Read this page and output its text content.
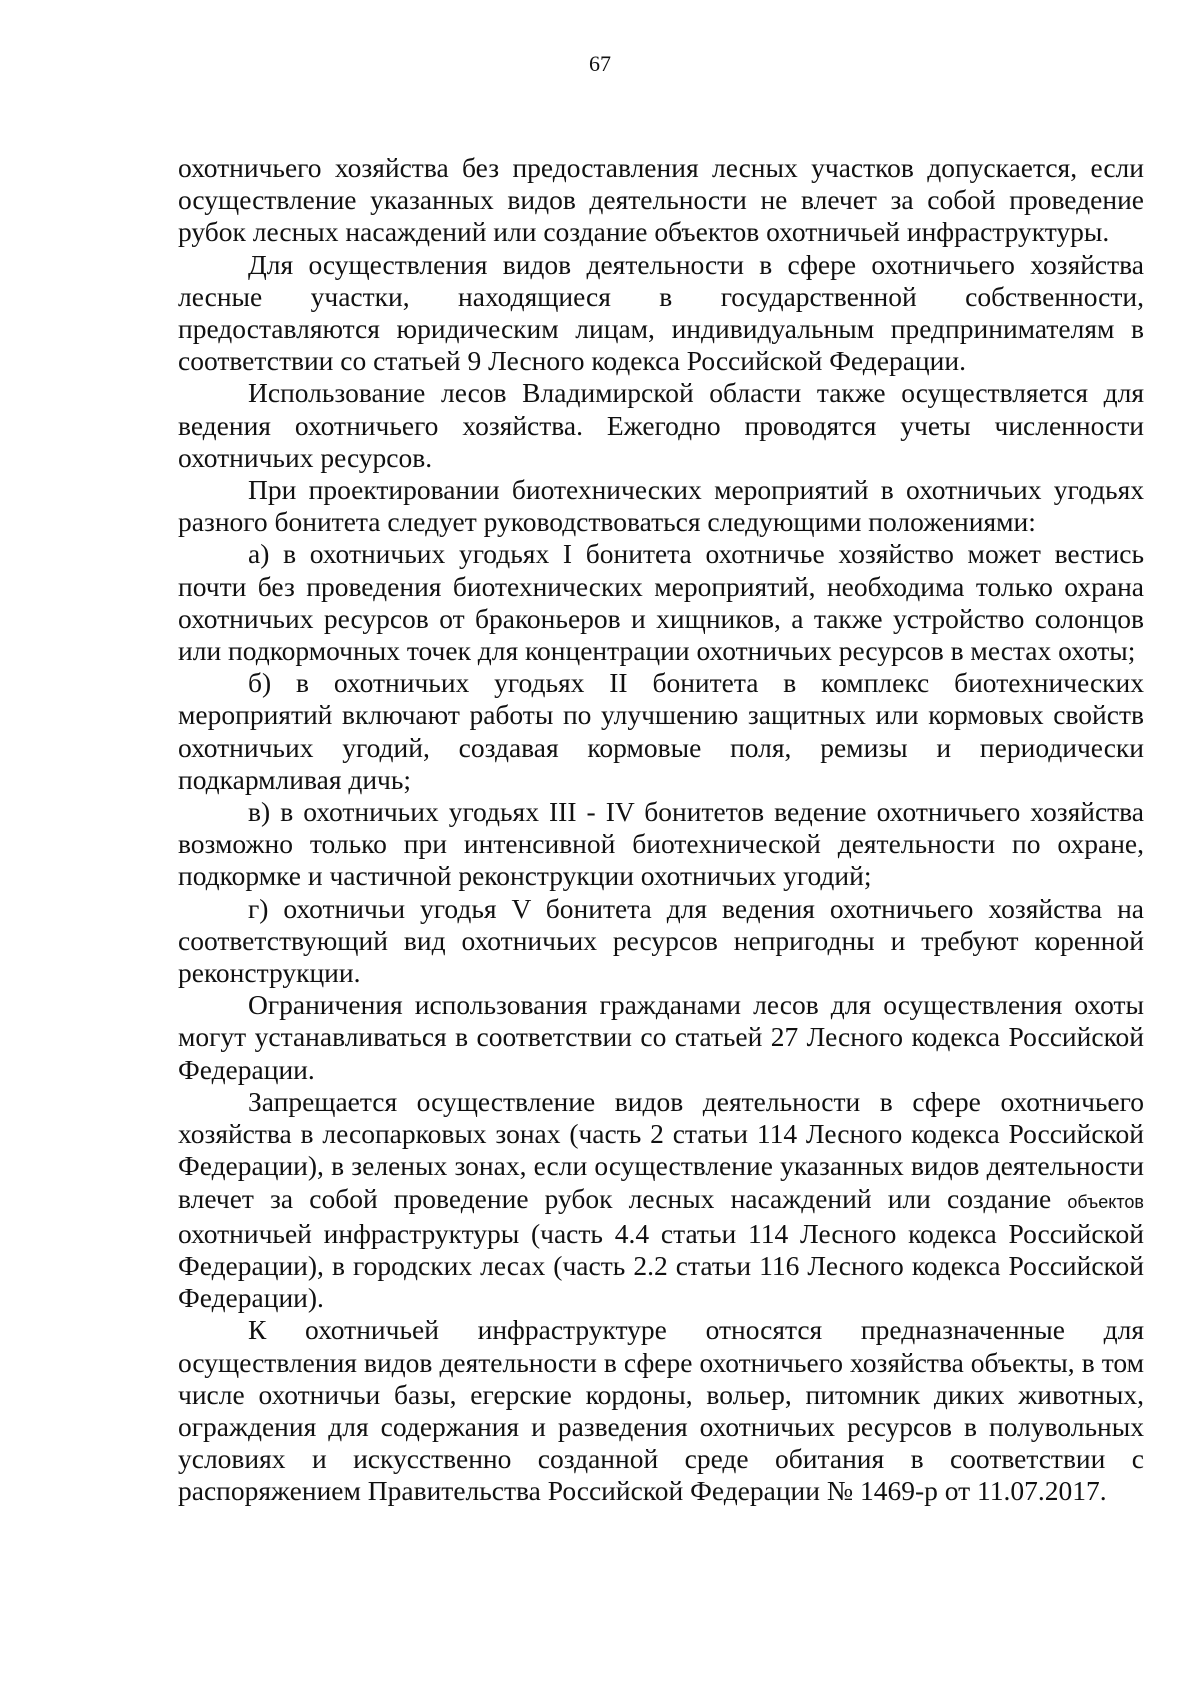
67

охотничьего хозяйства без предоставления лесных участков допускается, если осуществление указанных видов деятельности не влечет за собой проведение рубок лесных насаждений или создание объектов охотничьей инфраструктуры.

Для осуществления видов деятельности в сфере охотничьего хозяйства лесные участки, находящиеся в государственной собственности, предоставляются юридическим лицам, индивидуальным предпринимателям в соответствии со статьей 9 Лесного кодекса Российской Федерации.

Использование лесов Владимирской области также осуществляется для ведения охотничьего хозяйства. Ежегодно проводятся учеты численности охотничьих ресурсов.

При проектировании биотехнических мероприятий в охотничьих угодьях разного бонитета следует руководствоваться следующими положениями:

а) в охотничьих угодьях I бонитета охотничье хозяйство может вестись почти без проведения биотехнических мероприятий, необходима только охрана охотничьих ресурсов от браконьеров и хищников, а также устройство солонцов или подкормочных точек для концентрации охотничьих ресурсов в местах охоты;

б) в охотничьих угодьях II бонитета в комплекс биотехнических мероприятий включают работы по улучшению защитных или кормовых свойств охотничьих угодий, создавая кормовые поля, ремизы и периодически подкармливая дичь;

в) в охотничьих угодьях III - IV бонитетов ведение охотничьего хозяйства возможно только при интенсивной биотехнической деятельности по охране, подкормке и частичной реконструкции охотничьих угодий;

г) охотничьи угодья V бонитета для ведения охотничьего хозяйства на соответствующий вид охотничьих ресурсов непригодны и требуют коренной реконструкции.

Ограничения использования гражданами лесов для осуществления охоты могут устанавливаться в соответствии со статьей 27 Лесного кодекса Российской Федерации.

Запрещается осуществление видов деятельности в сфере охотничьего хозяйства в лесопарковых зонах (часть 2 статьи 114 Лесного кодекса Российской Федерации), в зеленых зонах, если осуществление указанных видов деятельности влечет за собой проведение рубок лесных насаждений или создание объектов охотничьей инфраструктуры (часть 4.4 статьи 114 Лесного кодекса Российской Федерации), в городских лесах (часть 2.2 статьи 116 Лесного кодекса Российской Федерации).

К охотничьей инфраструктуре относятся предназначенные для осуществления видов деятельности в сфере охотничьего хозяйства объекты, в том числе охотничьи базы, егерские кордоны, вольер, питомник диких животных, ограждения для содержания и разведения охотничьих ресурсов в полувольных условиях и искусственно созданной среде обитания в соответствии с распоряжением Правительства Российской Федерации № 1469-р от 11.07.2017.
